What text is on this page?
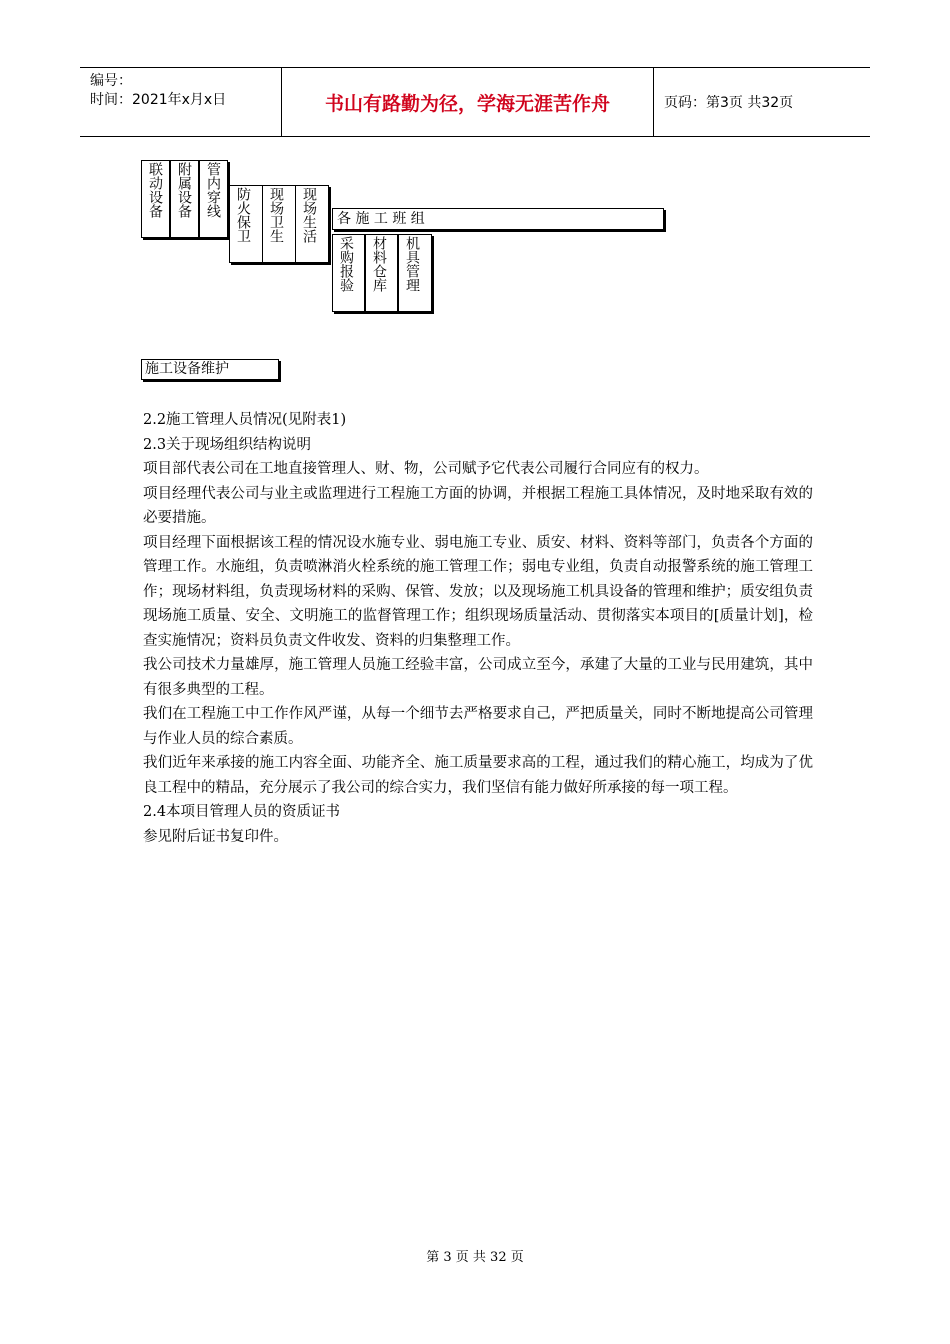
编号：
时间：2021年x月x日	书山有路勤为径，学海无涯苦作舟	页码：第3页 共32页
联动设备 附属设备 管内穿线 防火保卫 现场卫生 现场生活	各 施 工 班 组
采购报验 材料仓库 机具管理
施工设备维护

2.2施工管理人员情况(见附表1)

2.3关于现场组织结构说明

项目部代表公司在工地直接管理人、财、物，公司赋予它代表公司履行合同应有的权力。

项目经理代表公司与业主或监理进行工程施工方面的协调，并根据工程施工具体情况，及时地采取有效的必要措施。

项目经理下面根据该工程的情况设水施专业、弱电施工专业、质安、材料、资料等部门，负责各个方面的管理工作。水施组，负责喷淋消火栓系统的施工管理工作；弱电专业组，负责自动报警系统的施工管理工作；现场材料组，负责现场材料的采购、保管、发放；以及现场施工机具设备的管理和维护；质安组负责现场施工质量、安全、文明施工的监督管理工作；组织现场质量活动、贯彻落实本项目的[质量计划]，检查实施情况；资料员负责文件收发、资料的归集整理工作。

我公司技术力量雄厚，施工管理人员施工经验丰富，公司成立至今，承建了大量的工业与民用建筑，其中有很多典型的工程。

我们在工程施工中工作作风严谨，从每一个细节去严格要求自己，严把质量关，同时不断地提高公司管理与作业人员的综合素质。

我们近年来承接的施工内容全面、功能齐全、施工质量要求高的工程，通过我们的精心施工，均成为了优良工程中的精品，充分展示了我公司的综合实力，我们坚信有能力做好所承接的每一项工程。

2.4本项目管理人员的资质证书

参见附后证书复印件。

第 3 页 共 32 页
